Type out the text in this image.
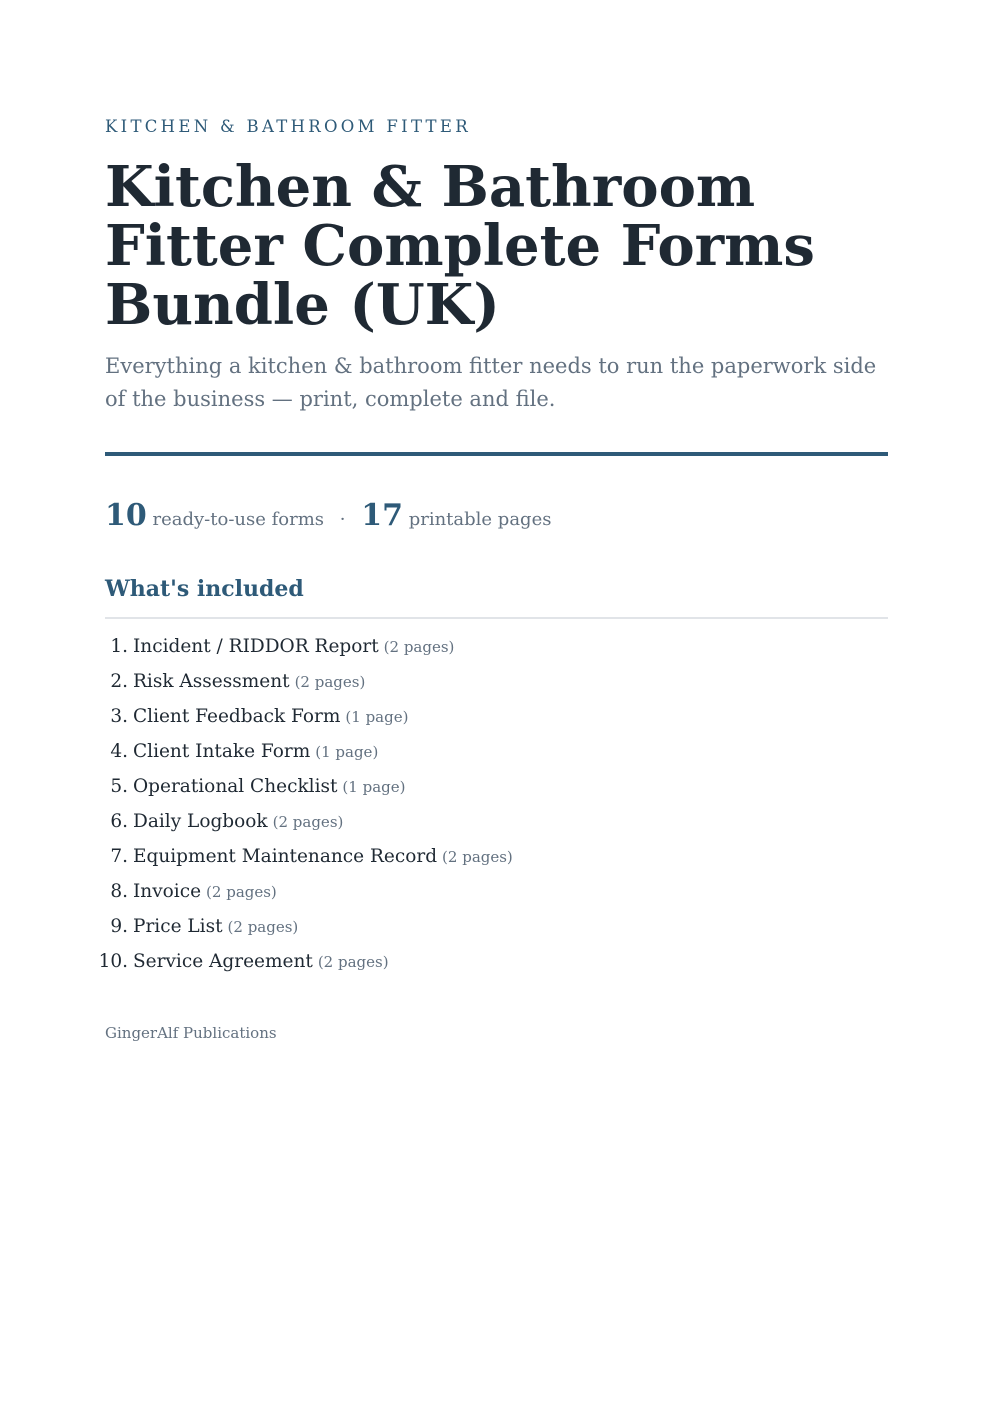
KITCHEN & BATHROOM FITTER
Kitchen & Bathroom
Fitter Complete Forms
Bundle (UK)

Everything a kitchen & bathroom fitter needs to run the paperwork side of the business — print, complete and file.

10 ready-to-use forms · 17 printable pages
What's included
1. Incident / RIDDOR Report (2 pages)
2. Risk Assessment (2 pages)
3. Client Feedback Form (1 page)
4. Client Intake Form (1 page)
5. Operational Checklist (1 page)
6. Daily Logbook (2 pages)
7. Equipment Maintenance Record (2 pages)
8. Invoice (2 pages)
9. Price List (2 pages)
10. Service Agreement (2 pages)
GingerAlf Publications
